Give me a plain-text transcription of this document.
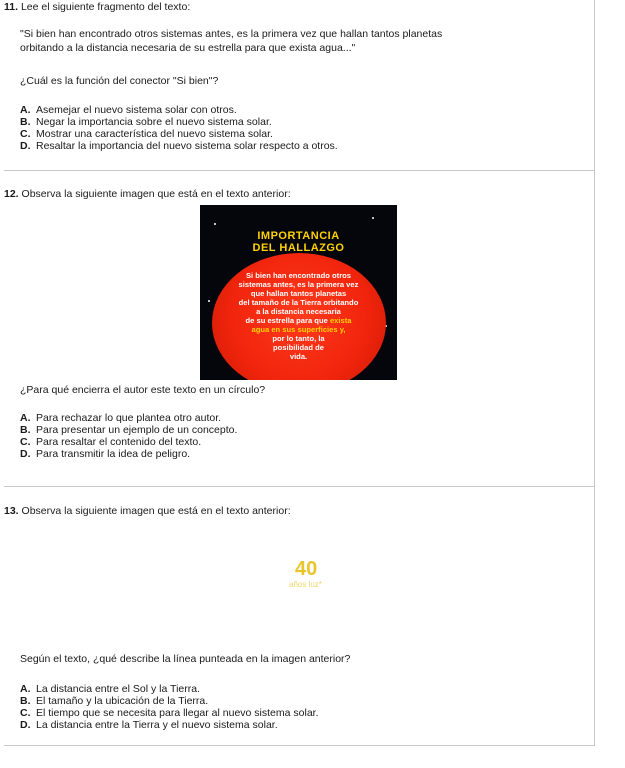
11. Lee el siguiente fragmento del texto:
"Si bien han encontrado otros sistemas antes, es la primera vez que hallan tantos planetas
orbitando a la distancia necesaria de su estrella para que exista agua..."
¿Cuál es la función del conector "Si bien"?
A. Asemejar el nuevo sistema solar con otros.
B. Negar la importancia sobre el nuevo sistema solar.
C. Mostrar una característica del nuevo sistema solar.
D. Resaltar la importancia del nuevo sistema solar respecto a otros.
12. Observa la siguiente imagen que está en el texto anterior:
IMPORTANCIA
DEL HALLAZGO
Si bien han encontrado otros
sistemas antes, es la primera vez
que hallan tantos planetas
del tamaño de la Tierra orbitando
a la distancia necesaria
de su estrella para que exista
agua en sus superficies y,
por lo tanto, la
posibilidad de
vida.
¿Para qué encierra el autor este texto en un círculo?
A. Para rechazar lo que plantea otro autor.
B. Para presentar un ejemplo de un concepto.
C. Para resaltar el contenido del texto.
D. Para transmitir la idea de peligro.
13. Observa la siguiente imagen que está en el texto anterior:
40
años luz*
Según el texto, ¿qué describe la línea punteada en la imagen anterior?
A. La distancia entre el Sol y la Tierra.
B. El tamaño y la ubicación de la Tierra.
C. El tiempo que se necesita para llegar al nuevo sistema solar.
D. La distancia entre la Tierra y el nuevo sistema solar.
